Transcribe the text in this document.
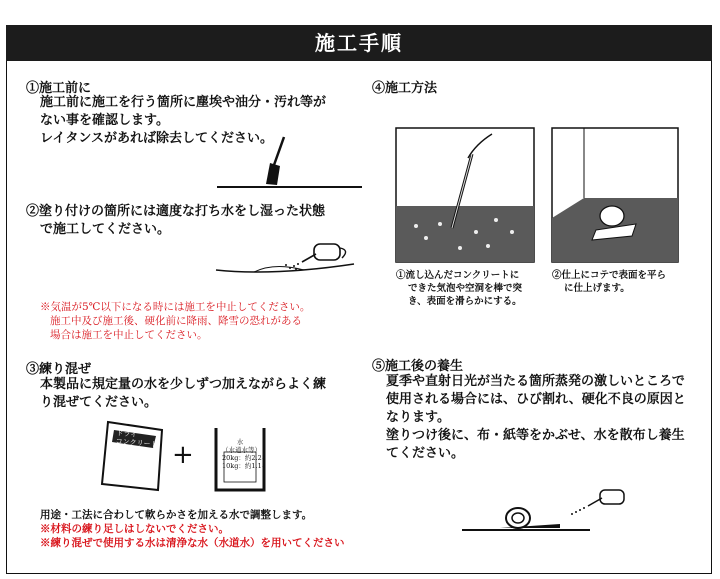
施工手順
①施工前に
施工前に施工を行う箇所に塵埃や油分・汚れ等が
ない事を確認します。
レイタンスがあれば除去してください。
②塗り付けの箇所には適度な打ち水をし湿った状態
で施工してください。
※気温が5℃以下になる時には施工を中止してください。
施工中及び施工後、硬化前に降雨、降雪の恐れがある
場合は施工を中止してください。
③練り混ぜ
本製品に規定量の水を少しずつ加えながらよく練
り混ぜてください。
ドライ
コンクリート +	水
（水道水等）
20kg：約2.2ℓ
10kg：約1.1ℓ
用途・工法に合わして軟らかさを加える水で調整します。
※材料の練り足しはしないでください。
※練り混ぜで使用する水は清浄な水（水道水）を用いてください
④施工方法
①流し込んだコンクリートに
できた気泡や空洞を棒で突
き、表面を滑らかにする。
②仕上にコテで表面を平ら
に仕上げます。
⑤施工後の養生
夏季や直射日光が当たる箇所蒸発の激しいところで
使用される場合には、ひび割れ、硬化不良の原因と
なります。
塗りつけ後に、布・紙等をかぶせ、水を散布し養生
てください。
